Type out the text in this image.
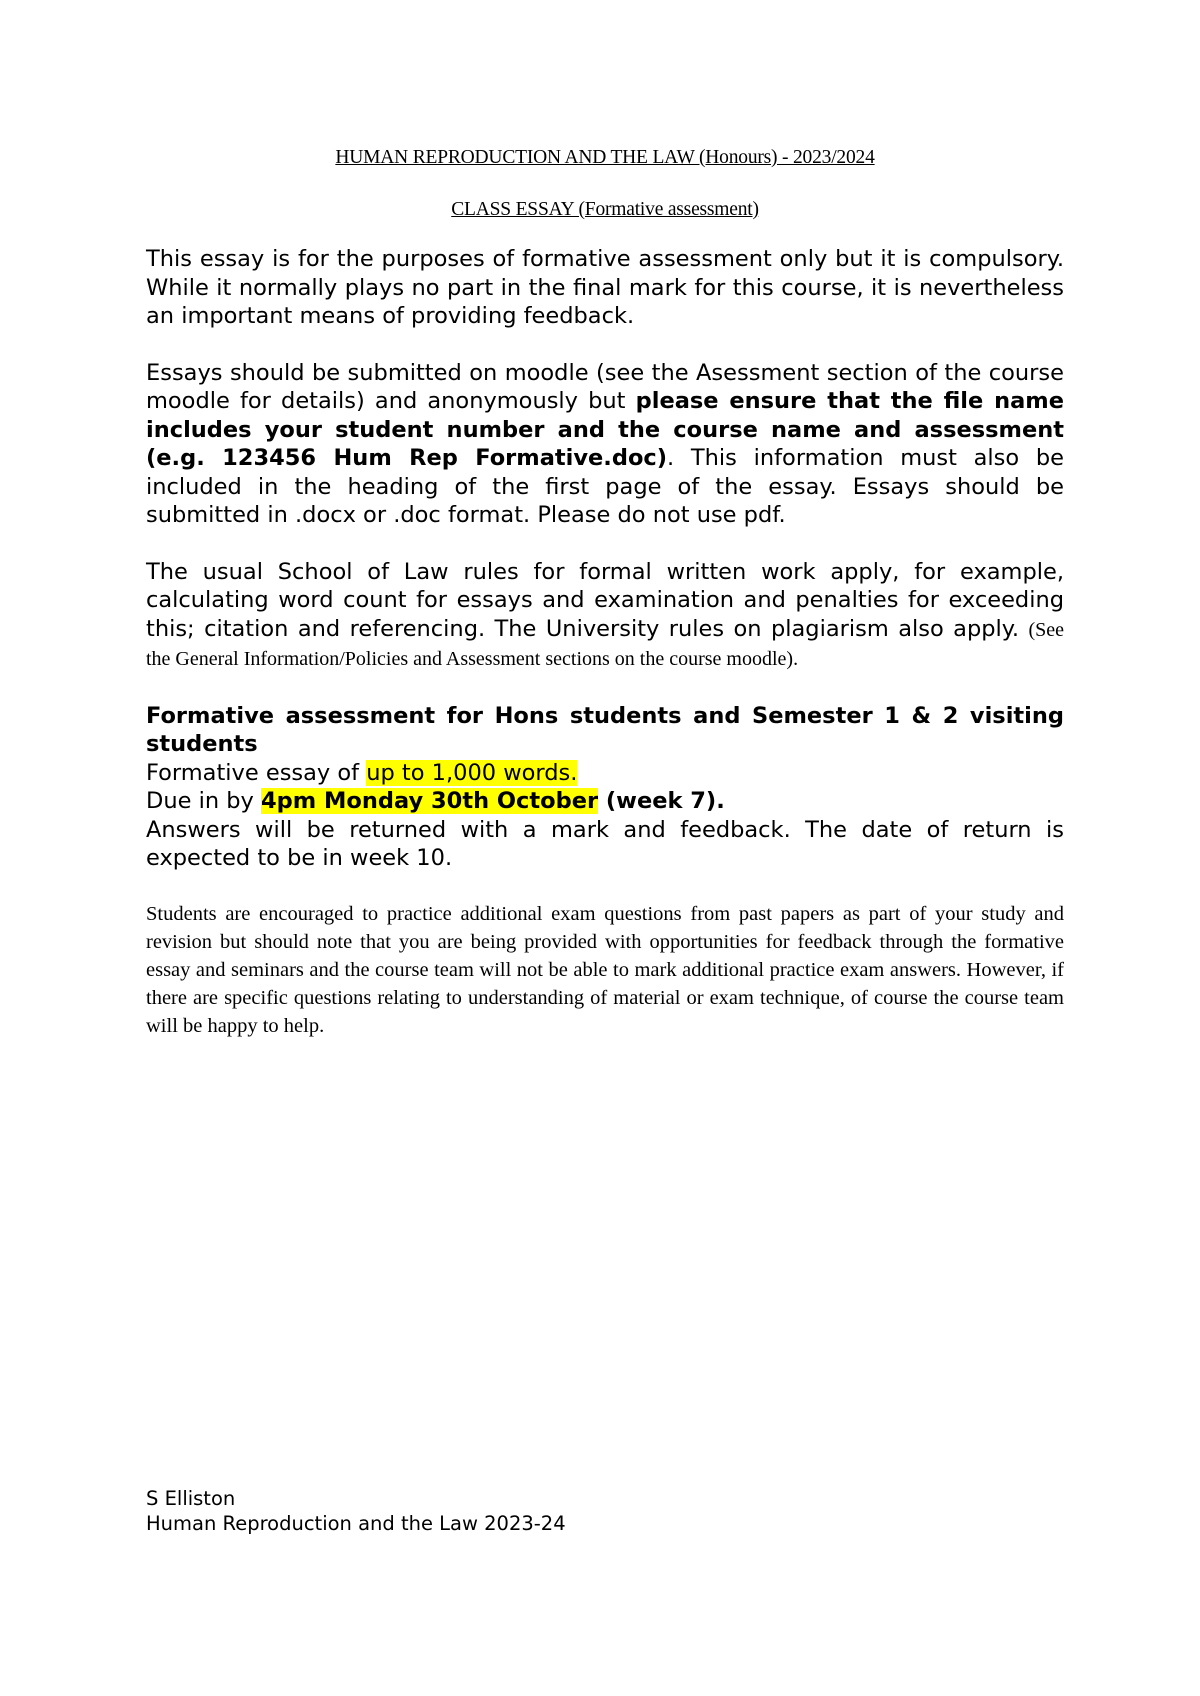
HUMAN REPRODUCTION AND THE LAW (Honours) - 2023/2024

CLASS ESSAY (Formative assessment)

This essay is for the purposes of formative assessment only but it is compulsory. While it normally plays no part in the final mark for this course, it is nevertheless an important means of providing feedback.

Essays should be submitted on moodle (see the Asessment section of the course moodle for details) and anonymously but please ensure that the file name includes your student number and the course name and assessment (e.g. 123456 Hum Rep Formative.doc). This information must also be included in the heading of the first page of the essay. Essays should be submitted in .docx or .doc format. Please do not use pdf.

The usual School of Law rules for formal written work apply, for example, calculating word count for essays and examination and penalties for exceeding this; citation and referencing. The University rules on plagiarism also apply. (See the General Information/Policies and Assessment sections on the course moodle).

Formative assessment for Hons students and Semester 1 & 2 visiting students

Formative essay of up to 1,000 words.

Due in by 4pm Monday 30th October (week 7).

Answers will be returned with a mark and feedback. The date of return is expected to be in week 10.

Students are encouraged to practice additional exam questions from past papers as part of your study and revision but should note that you are being provided with opportunities for feedback through the formative essay and seminars and the course team will not be able to mark additional practice exam answers. However, if there are specific questions relating to understanding of material or exam technique, of course the course team will be happy to help.

S Elliston
Human Reproduction and the Law 2023-24
